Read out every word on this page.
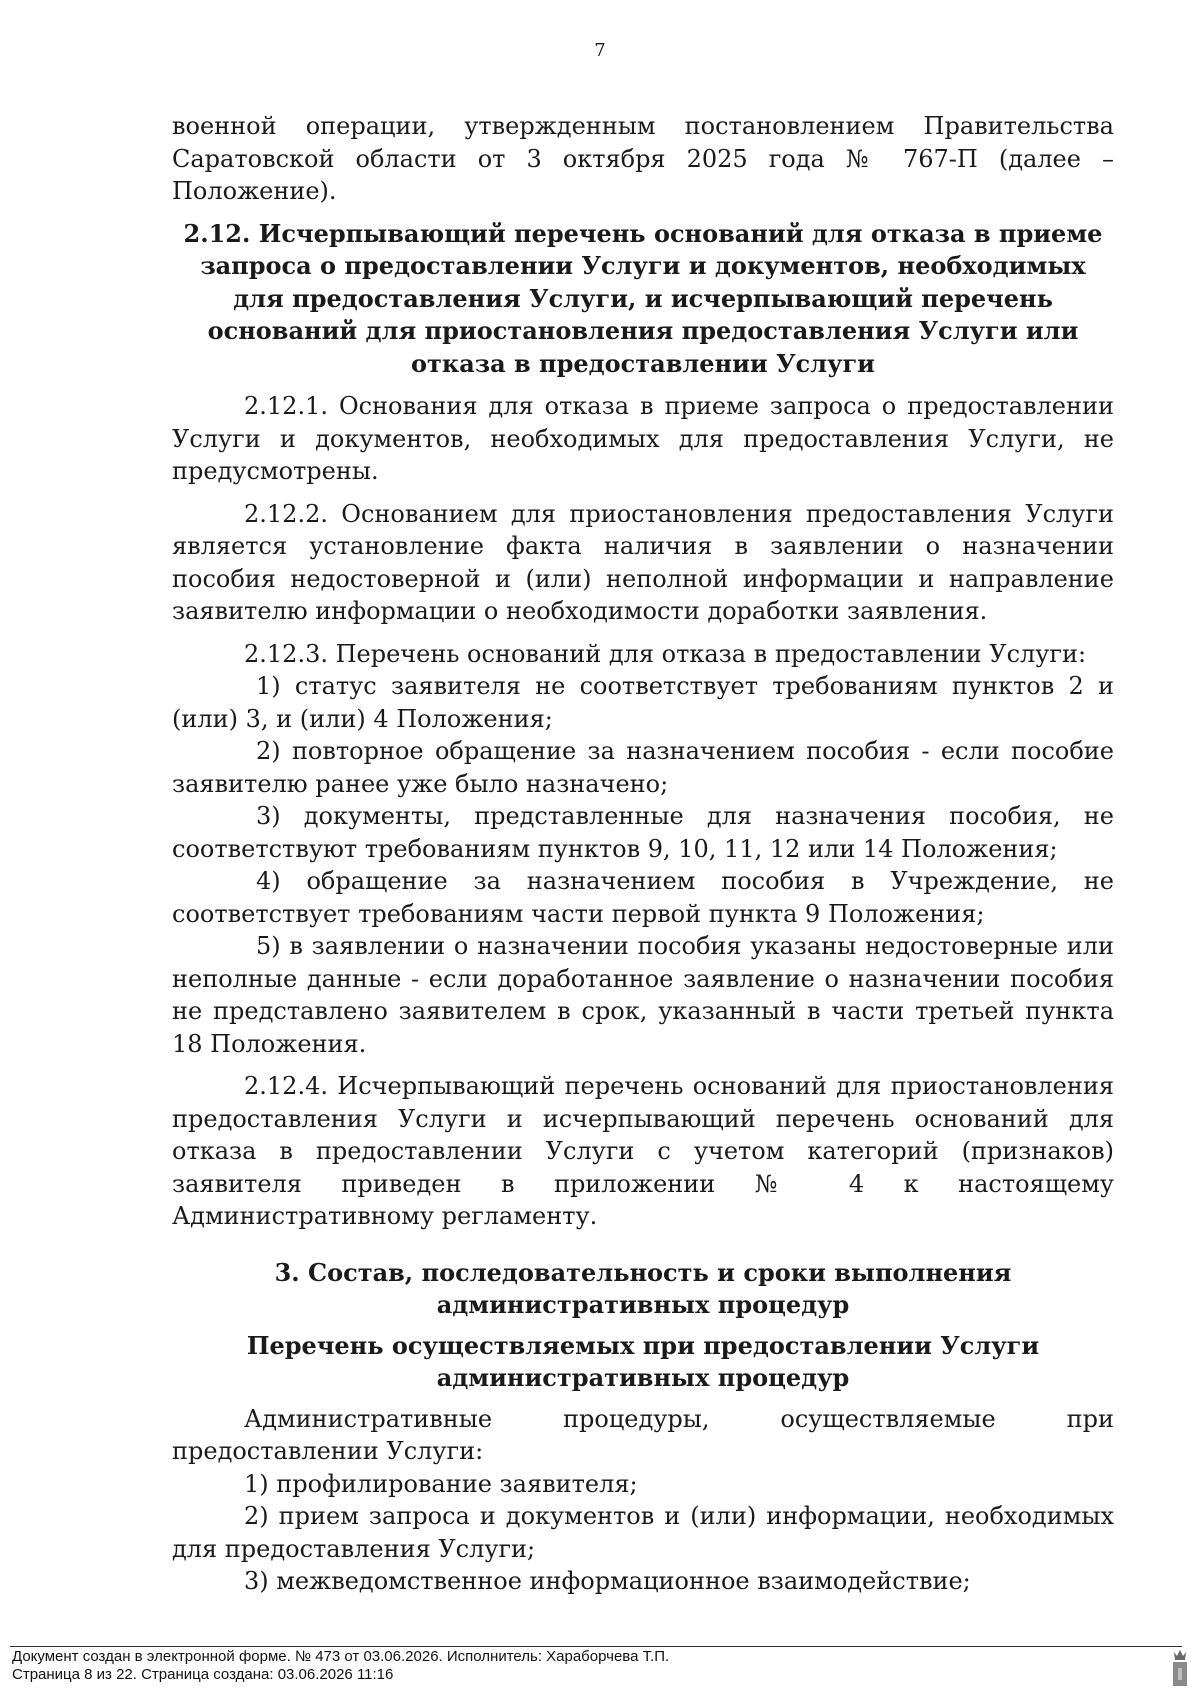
7

военной операции, утвержденным постановлением Правительства Саратовской области от 3 октября 2025 года № 767-П (далее – Положение).

2.12. Исчерпывающий перечень оснований для отказа в приеме запроса о предоставлении Услуги и документов, необходимых для предоставления Услуги, и исчерпывающий перечень оснований для приостановления предоставления Услуги или отказа в предоставлении Услуги

2.12.1. Основания для отказа в приеме запроса о предоставлении Услуги и документов, необходимых для предоставления Услуги, не предусмотрены.

2.12.2. Основанием для приостановления предоставления Услуги является установление факта наличия в заявлении о назначении пособия недостоверной и (или) неполной информации и направление заявителю информации о необходимости доработки заявления.

2.12.3. Перечень оснований для отказа в предоставлении Услуги:

1) статус заявителя не соответствует требованиям пунктов 2 и (или) 3, и (или) 4 Положения;

2) повторное обращение за назначением пособия - если пособие заявителю ранее уже было назначено;

3) документы, представленные для назначения пособия, не соответствуют требованиям пунктов 9, 10, 11, 12 или 14 Положения;

4) обращение за назначением пособия в Учреждение, не соответствует требованиям части первой пункта 9 Положения;

5) в заявлении о назначении пособия указаны недостоверные или неполные данные - если доработанное заявление о назначении пособия не представлено заявителем в срок, указанный в части третьей пункта 18 Положения.

2.12.4. Исчерпывающий перечень оснований для приостановления предоставления Услуги и исчерпывающий перечень оснований для отказа в предоставлении Услуги с учетом категорий (признаков) заявителя приведен в приложении № 4 к настоящему Административному регламенту.

3. Состав, последовательность и сроки выполнения административных процедур

Перечень осуществляемых при предоставлении Услуги административных процедур

Административные процедуры, осуществляемые при предоставлении Услуги:

1) профилирование заявителя;

2) прием запроса и документов и (или) информации, необходимых для предоставления Услуги;

3) межведомственное информационное взаимодействие;

Документ создан в электронной форме. № 473 от 03.06.2026. Исполнитель: Хараборчева Т.П.
Страница 8 из 22. Страница создана: 03.06.2026 11:16
